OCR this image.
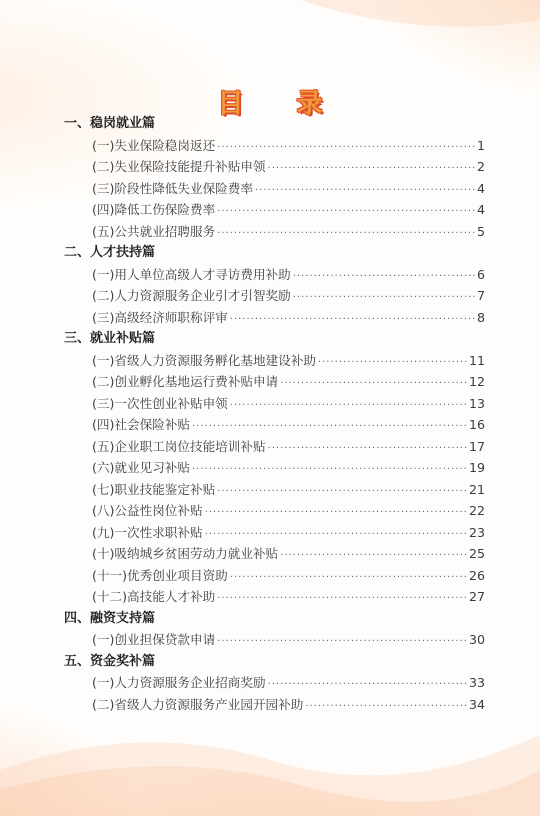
目 录
一、稳岗就业篇
(一)失业保险稳岗返还 ·····	1
(二)失业保险技能提升补贴申领 ·····	2
(三)阶段性降低失业保险费率 ·····	4
(四)降低工伤保险费率 ·····	4
(五)公共就业招聘服务 ·····	5
二、人才扶持篇
(一)用人单位高级人才寻访费用补助 ·····	6
(二)人力资源服务企业引才引智奖励 ·····	7
(三)高级经济师职称评审 ·····	8
三、就业补贴篇
(一)省级人力资源服务孵化基地建设补助 ·····	11
(二)创业孵化基地运行费补贴申请 ·····	12
(三)一次性创业补贴申领 ·····	13
(四)社会保险补贴 ·····	16
(五)企业职工岗位技能培训补贴 ·····	17
(六)就业见习补贴 ·····	19
(七)职业技能鉴定补贴 ·····	21
(八)公益性岗位补贴 ·····	22
(九)一次性求职补贴 ·····	23
(十)吸纳城乡贫困劳动力就业补贴 ·····	25
(十一)优秀创业项目资助 ·····	26
(十二)高技能人才补助 ·····	27
四、融资支持篇
(一)创业担保贷款申请 ·····	30
五、资金奖补篇
(一)人力资源服务企业招商奖励 ·····	33
(二)省级人力资源服务产业园开园补助 ·····	34
